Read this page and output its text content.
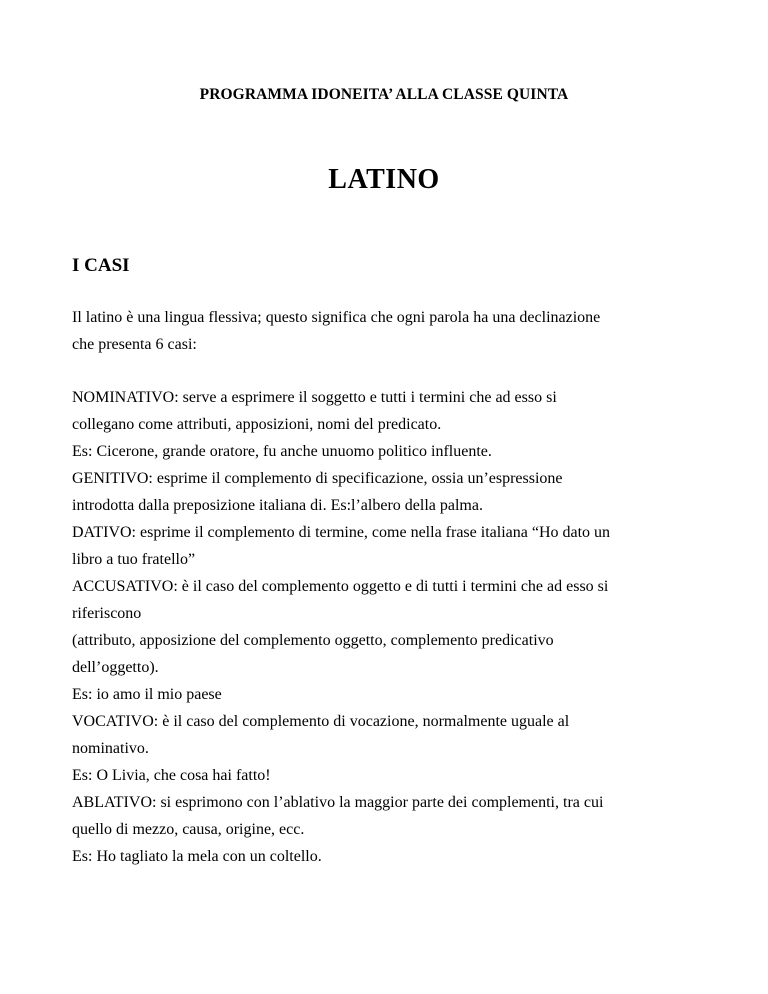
PROGRAMMA IDONEITA’ ALLA CLASSE QUINTA
LATINO
I CASI
Il latino è una lingua flessiva; questo significa che ogni parola ha una declinazione
che presenta 6 casi:
NOMINATIVO: serve a esprimere il soggetto e tutti i termini che ad esso si
collegano come attributi, apposizioni, nomi del predicato.
Es: Cicerone, grande oratore, fu anche unuomo politico influente.
GENITIVO: esprime il complemento di specificazione, ossia un’espressione
introdotta dalla preposizione italiana di. Es:l’albero della palma.
DATIVO: esprime il complemento di termine, come nella frase italiana “Ho dato un
libro a tuo fratello”
ACCUSATIVO: è il caso del complemento oggetto e di tutti i termini che ad esso si
riferiscono
(attributo, apposizione del complemento oggetto, complemento predicativo
dell’oggetto).
Es: io amo il mio paese
VOCATIVO: è il caso del complemento di vocazione, normalmente uguale al
nominativo.
Es: O Livia, che cosa hai fatto!
ABLATIVO: si esprimono con l’ablativo la maggior parte dei complementi, tra cui
quello di mezzo, causa, origine, ecc.
Es: Ho tagliato la mela con un coltello.
